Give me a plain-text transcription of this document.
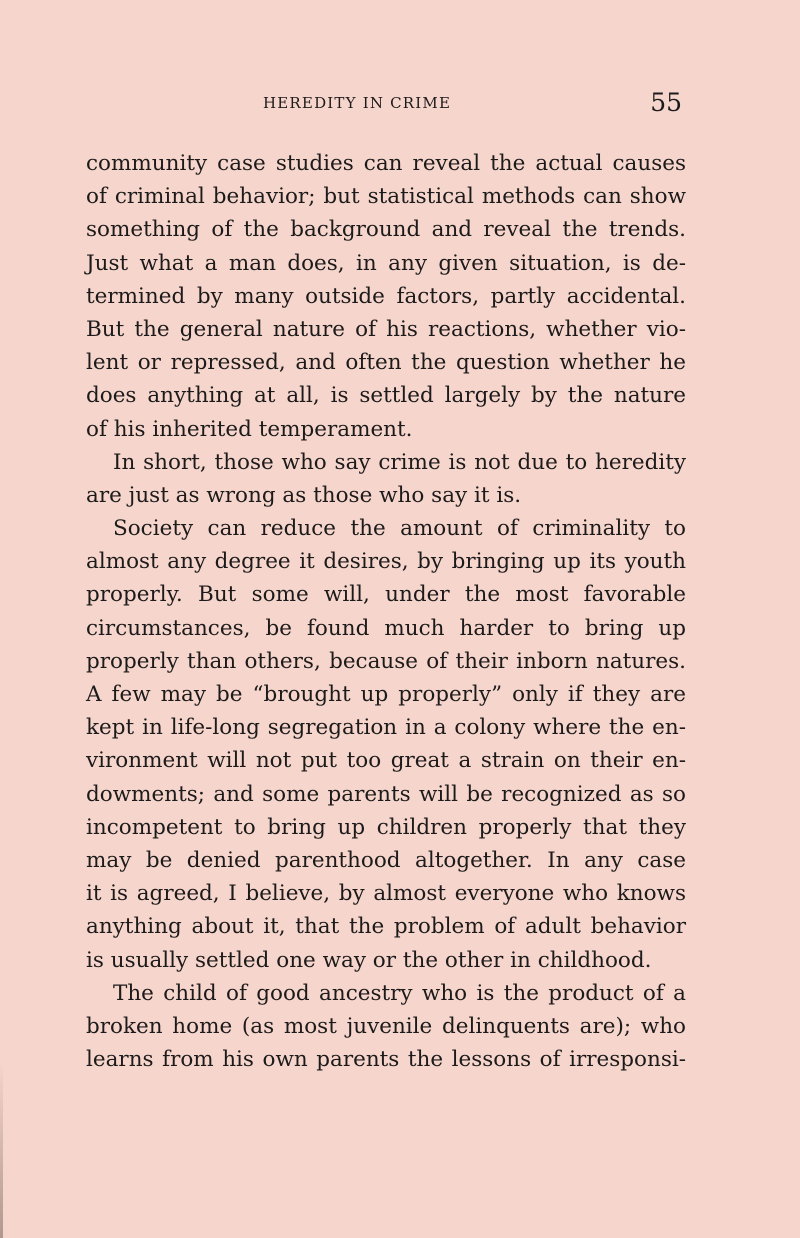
HEREDITY IN CRIME	55
community case studies can reveal the actual causes
of criminal behavior; but statistical methods can show
something of the background and reveal the trends.
Just what a man does, in any given situation, is de-
termined by many outside factors, partly accidental.
But the general nature of his reactions, whether vio-
lent or repressed, and often the question whether he
does anything at all, is settled largely by the nature
of his inherited temperament.
In short, those who say crime is not due to heredity
are just as wrong as those who say it is.
Society can reduce the amount of criminality to
almost any degree it desires, by bringing up its youth
properly. But some will, under the most favorable
circumstances, be found much harder to bring up
properly than others, because of their inborn natures.
A few may be “brought up properly” only if they are
kept in life-long segregation in a colony where the en-
vironment will not put too great a strain on their en-
dowments; and some parents will be recognized as so
incompetent to bring up children properly that they
may be denied parenthood altogether. In any case
it is agreed, I believe, by almost everyone who knows
anything about it, that the problem of adult behavior
is usually settled one way or the other in childhood.
The child of good ancestry who is the product of a
broken home (as most juvenile delinquents are); who
learns from his own parents the lessons of irresponsi-
